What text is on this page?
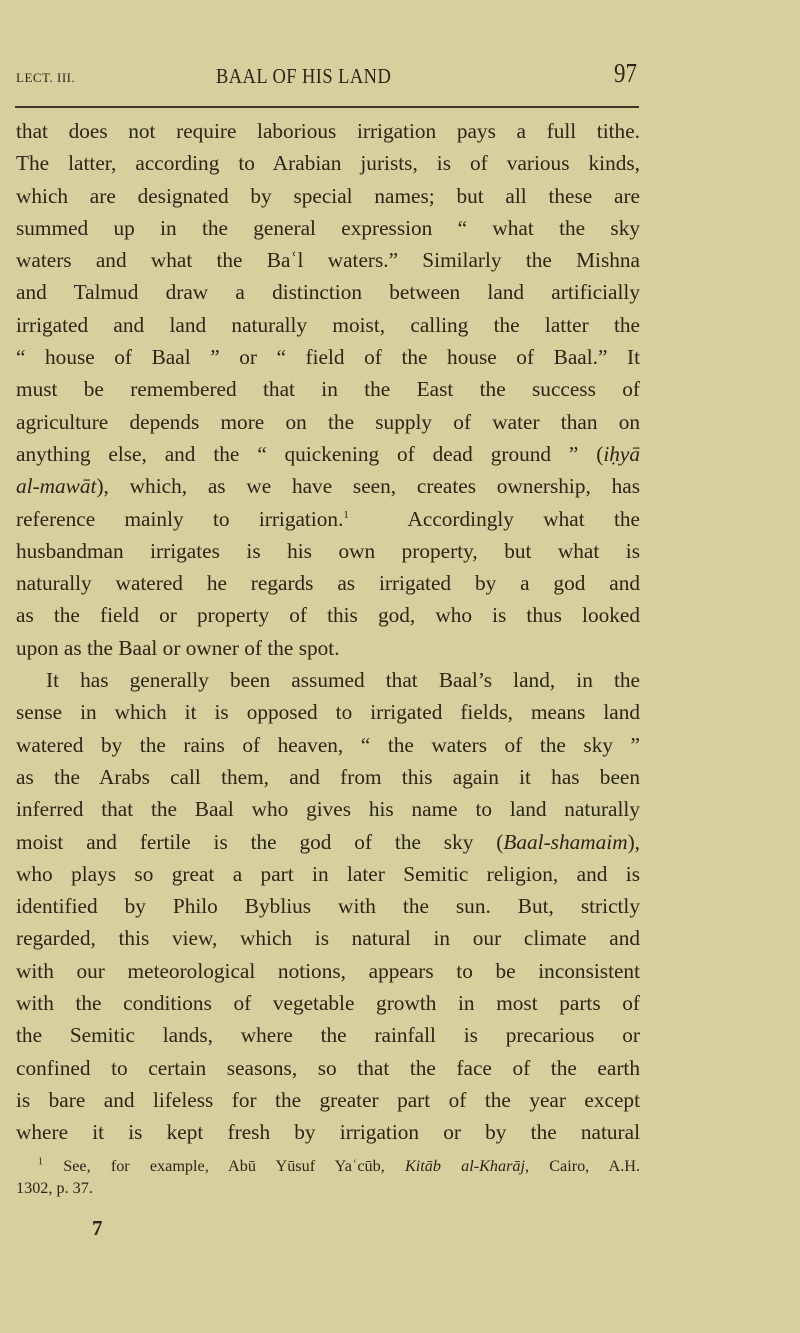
LECT. III.	BAAL OF HIS LAND	97
that does not require laborious irrigation pays a full tithe.
The latter, according to Arabian jurists, is of various kinds,
which are designated by special names; but all these are
summed up in the general expression “ what the sky
waters and what the Baʿl waters.” Similarly the Mishna
and Talmud draw a distinction between land artificially
irrigated and land naturally moist, calling the latter the
“ house of Baal ” or “ field of the house of Baal.” It
must be remembered that in the East the success of
agriculture depends more on the supply of water than on
anything else, and the “ quickening of dead ground ” (iḥyā
al-mawāt), which, as we have seen, creates ownership, has
reference mainly to irrigation.$^1$	Accordingly what the
husbandman irrigates is his own property, but what is
naturally watered he regards as irrigated by a god and
as the field or property of this god, who is thus looked
upon as the Baal or owner of the spot.
It has generally been assumed that Baal’s land, in the
sense in which it is opposed to irrigated fields, means land
watered by the rains of heaven, “ the waters of the sky ”
as the Arabs call them, and from this again it has been
inferred that the Baal who gives his name to land naturally
moist and fertile is the god of the sky (Baal-shamaim),
who plays so great a part in later Semitic religion, and is
identified by Philo Byblius with the sun. But, strictly
regarded, this view, which is natural in our climate and
with our meteorological notions, appears to be inconsistent
with the conditions of vegetable growth in most parts of
the Semitic lands, where the rainfall is precarious or
confined to certain seasons, so that the face of the earth
is bare and lifeless for the greater part of the year except
where it is kept fresh by irrigation or by the natural
$^1$ See, for example, Abū Yūsuf Yaʿcūb, Kitāb al-Kharāj, Cairo, A.H.
1302, p. 37.
7
